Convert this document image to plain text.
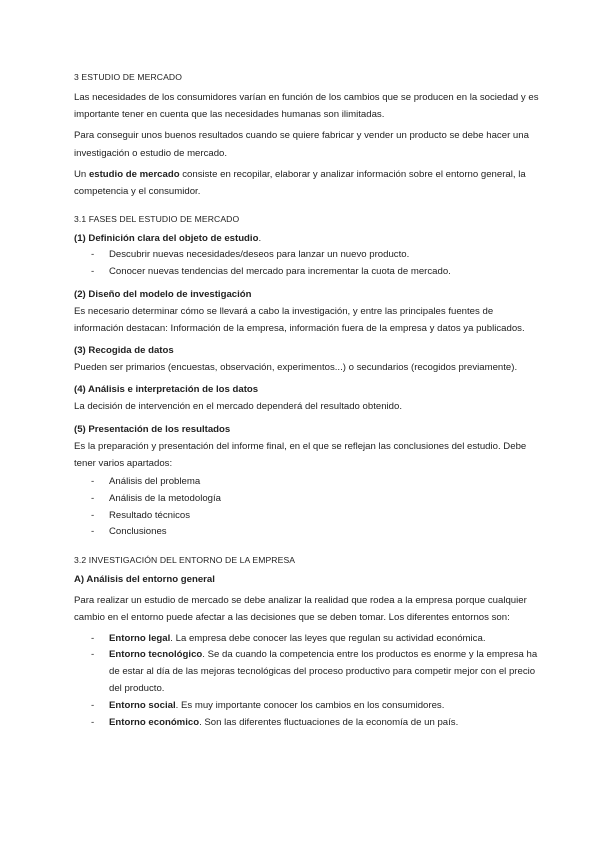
3 ESTUDIO DE MERCADO

Las necesidades de los consumidores varían en función de los cambios que se producen en la sociedad y es importante tener en cuenta que las necesidades humanas son ilimitadas.

Para conseguir unos buenos resultados cuando se quiere fabricar y vender un producto se debe hacer una investigación o estudio de mercado.

Un estudio de mercado consiste en recopilar, elaborar y analizar información sobre el entorno general, la competencia y el consumidor.

3.1 FASES DEL ESTUDIO DE MERCADO
(1) Definición clara del objeto de estudio.
- Descubrir nuevas necesidades/deseos para lanzar un nuevo producto.
- Conocer nuevas tendencias del mercado para incrementar la cuota de mercado.
(2) Diseño del modelo de investigación

Es necesario determinar cómo se llevará a cabo la investigación, y entre las principales fuentes de información destacan: Información de la empresa, información fuera de la empresa y datos ya publicados.

(3) Recogida de datos

Pueden ser primarios (encuestas, observación, experimentos...) o secundarios (recogidos previamente).

(4) Análisis e interpretación de los datos

La decisión de intervención en el mercado dependerá del resultado obtenido.

(5) Presentación de los resultados

Es la preparación y presentación del informe final, en el que se reflejan las conclusiones del estudio. Debe tener varios apartados:

- Análisis del problema
- Análisis de la metodología
- Resultado técnicos
- Conclusiones
3.2 INVESTIGACIÓN DEL ENTORNO DE LA EMPRESA
A) Análisis del entorno general

Para realizar un estudio de mercado se debe analizar la realidad que rodea a la empresa porque cualquier cambio en el entorno puede afectar a las decisiones que se deben tomar. Los diferentes entornos son:

- Entorno legal. La empresa debe conocer las leyes que regulan su actividad económica.
- Entorno tecnológico. Se da cuando la competencia entre los productos es enorme y la empresa ha de estar al día de las mejoras tecnológicas del proceso productivo para competir mejor con el precio del producto.
- Entorno social. Es muy importante conocer los cambios en los consumidores.
- Entorno económico. Son las diferentes fluctuaciones de la economía de un país.
